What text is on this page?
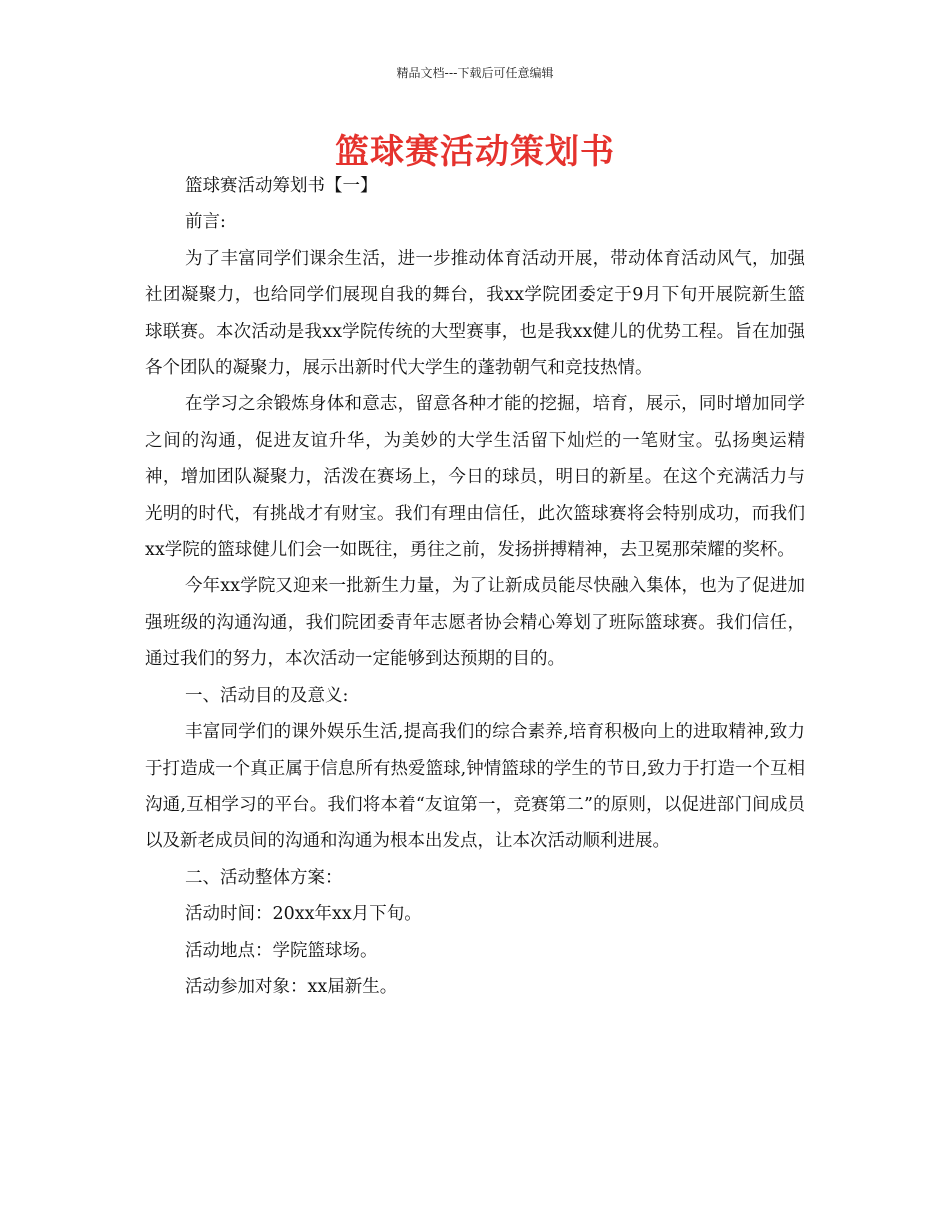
精品文档---下载后可任意编辑
篮球赛活动策划书

篮球赛活动筹划书【一】

前言:

为了丰富同学们课余生活，进一步推动体育活动开展，带动体育活动风气，加强社团凝聚力，也给同学们展现自我的舞台，我xx学院团委定于9月下旬开展院新生篮球联赛。本次活动是我xx学院传统的大型赛事，也是我xx健儿的优势工程。旨在加强各个团队的凝聚力，展示出新时代大学生的蓬勃朝气和竞技热情。

在学习之余锻炼身体和意志，留意各种才能的挖掘，培育，展示，同时增加同学之间的沟通，促进友谊升华，为美妙的大学生活留下灿烂的一笔财宝。弘扬奥运精神，增加团队凝聚力，活泼在赛场上，今日的球员，明日的新星。在这个充满活力与光明的时代，有挑战才有财宝。我们有理由信任，此次篮球赛将会特别成功，而我们xx学院的篮球健儿们会一如既往，勇往之前，发扬拼搏精神，去卫冕那荣耀的奖杯。

今年xx学院又迎来一批新生力量，为了让新成员能尽快融入集体，也为了促进加强班级的沟通沟通，我们院团委青年志愿者协会精心筹划了班际篮球赛。我们信任，通过我们的努力，本次活动一定能够到达预期的目的。

一、活动目的及意义:

丰富同学们的课外娱乐生活,提高我们的综合素养,培育积极向上的进取精神,致力于打造成一个真正属于信息所有热爱篮球,钟情篮球的学生的节日,致力于打造一个互相沟通,互相学习的平台。我们将本着“友谊第一，竞赛第二”的原则，以促进部门间成员以及新老成员间的沟通和沟通为根本出发点，让本次活动顺利进展。

二、活动整体方案：

活动时间：20xx年xx月下旬。

活动地点：学院篮球场。

活动参加对象：xx届新生。
